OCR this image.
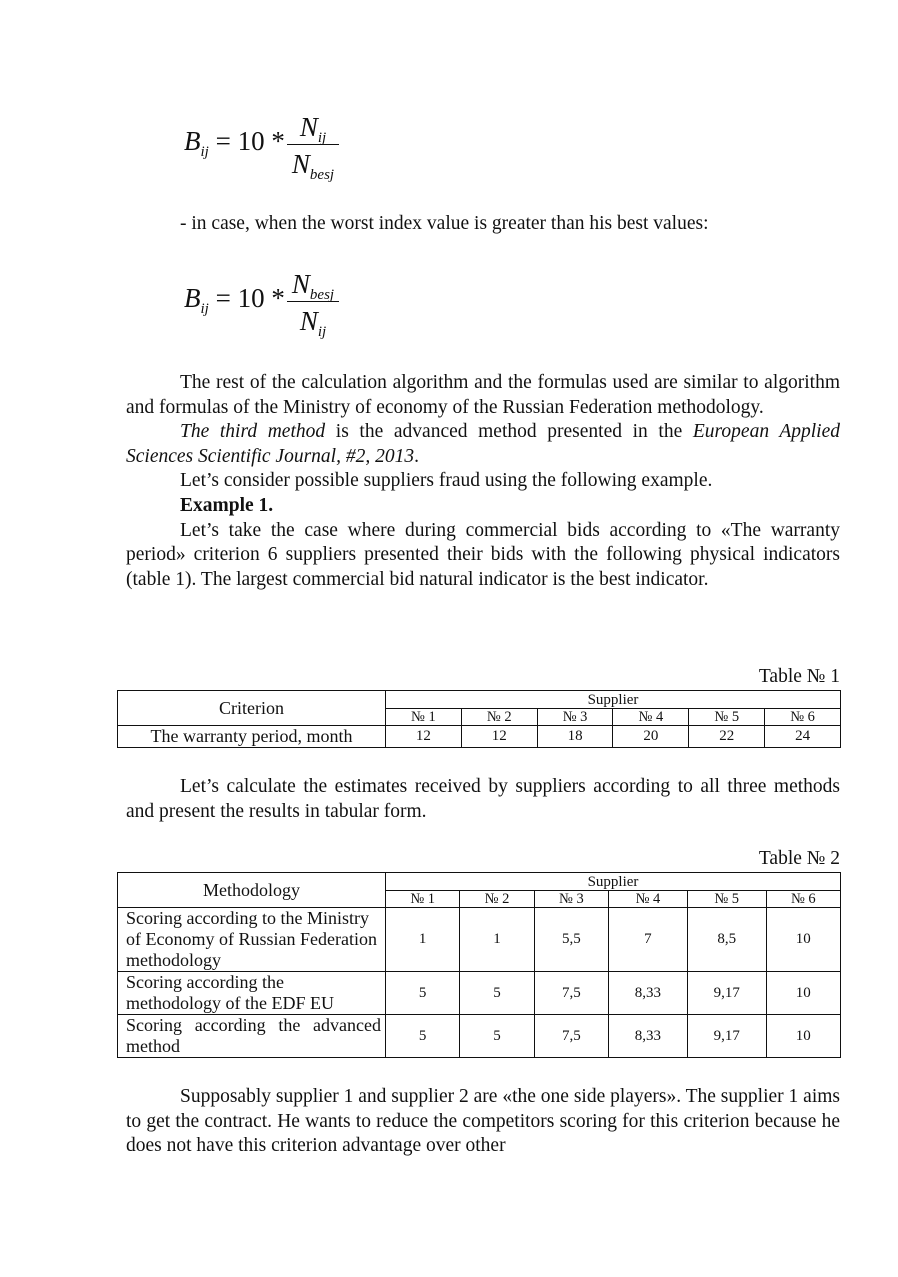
$B_{ij} = 10 * N_{ij}$
$N_{besj}$
- in case, when the worst index value is greater than his best values:
$B_{ij} = 10 * N_{besj}$
$N_{ij}$
The rest of the calculation algorithm and the formulas used are similar to algorithm and formulas of the Ministry of economy of the Russian Federation methodology.
The third method is the advanced method presented in the European Applied Sciences Scientific Journal, #2, 2013.
Let’s consider possible suppliers fraud using the following example.
Example 1.
Let’s take the case where during commercial bids according to «The warranty period» criterion 6 suppliers presented their bids with the following physical indicators (table 1). The largest commercial bid natural indicator is the best indicator.
Table № 1
Criterion	Supplier					
	№ 1	№ 2	№ 3	№ 4	№ 5	№ 6
The warranty period, month	12	12	18	20	22	24
Let’s calculate the estimates received by suppliers according to all three methods and present the results in tabular form.
Table № 2
Methodology	Supplier					
	№ 1	№ 2	№ 3	№ 4	№ 5	№ 6
Scoring according to the Ministry of Economy of Russian Federation methodology	1	1	5,5	7	8,5	10
Scoring according the methodology of the EDF EU	5	5	7,5	8,33	9,17	10
Scoring according the advanced method	5	5	7,5	8,33	9,17	10
Supposably supplier 1 and supplier 2 are «the one side players». The supplier 1 aims to get the contract. He wants to reduce the competitors scoring for this criterion because he does not have this criterion advantage over other
